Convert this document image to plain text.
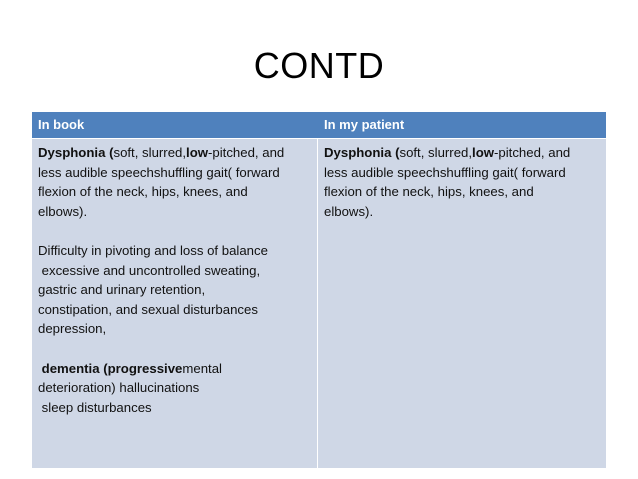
CONTD
In book	In my patient
Dysphonia (soft, slurred,low-pitched, and
less audible speechshuffling gait( forward
flexion of the neck, hips, knees, and
elbows).
Difficulty in pivoting and loss of balance
excessive and uncontrolled sweating,
gastric and urinary retention,
constipation, and sexual disturbances
depression,
dementia (progressivemental
deterioration) hallucinations
sleep disturbances
Dysphonia (soft, slurred,low-pitched, and
less audible speechshuffling gait( forward
flexion of the neck, hips, knees, and
elbows).
